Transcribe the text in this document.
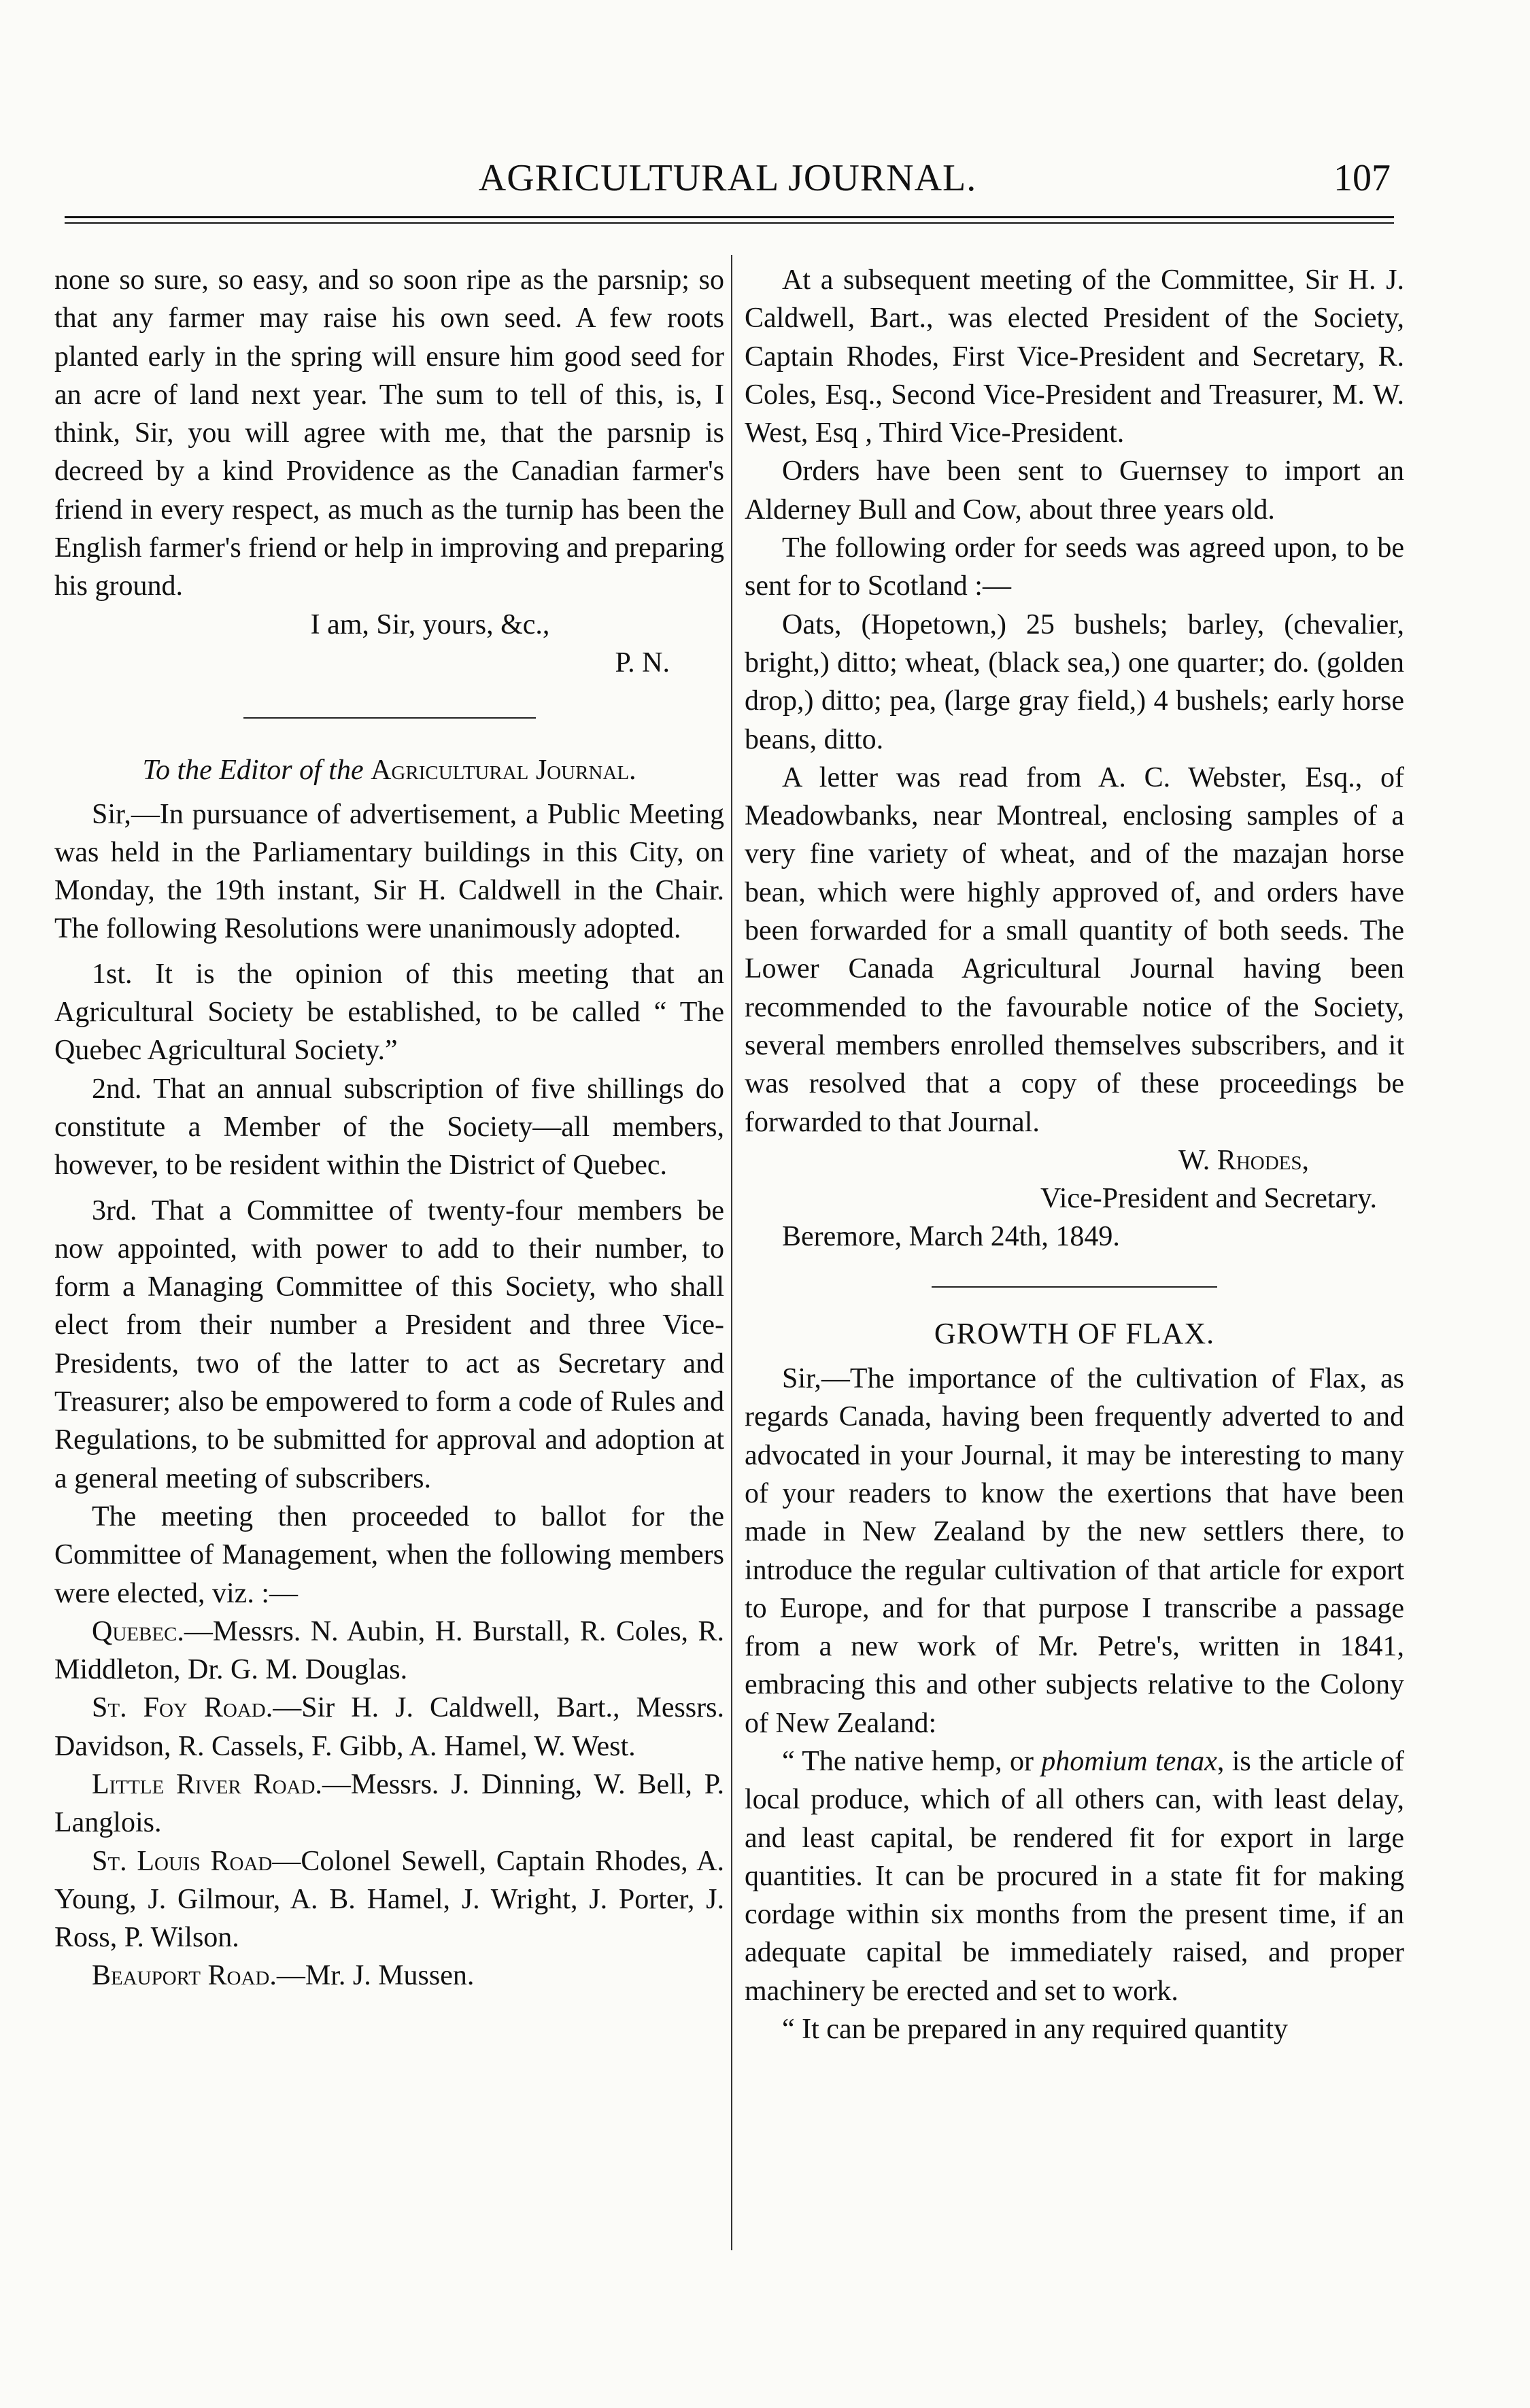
AGRICULTURAL JOURNAL.	107

none so sure, so easy, and so soon ripe as the parsnip; so that any farmer may raise his own seed. A few roots planted early in the spring will ensure him good seed for an acre of land next year. The sum to tell of this, is, I think, Sir, you will agree with me, that the parsnip is decreed by a kind Providence as the Canadian farmer's friend in every respect, as much as the turnip has been the English farmer's friend or help in improving and preparing his ground.

I am, Sir, yours, &c.,

P. N.

To the Editor of the Agricultural Journal.

Sir,—In pursuance of advertisement, a Public Meeting was held in the Parliamentary buildings in this City, on Monday, the 19th instant, Sir H. Caldwell in the Chair. The following Resolutions were unanimously adopted.

1st. It is the opinion of this meeting that an Agricultural Society be established, to be called “ The Quebec Agricultural Society.”

2nd. That an annual subscription of five shillings do constitute a Member of the Society—all members, however, to be resident within the District of Quebec.

3rd. That a Committee of twenty-four members be now appointed, with power to add to their number, to form a Managing Committee of this Society, who shall elect from their number a President and three Vice-Presidents, two of the latter to act as Secretary and Treasurer; also be empowered to form a code of Rules and Regulations, to be submitted for approval and adoption at a general meeting of subscribers.

The meeting then proceeded to ballot for the Committee of Management, when the following members were elected, viz. :—

Quebec.—Messrs. N. Aubin, H. Burstall, R. Coles, R. Middleton, Dr. G. M. Douglas.

St. Foy Road.—Sir H. J. Caldwell, Bart., Messrs. Davidson, R. Cassels, F. Gibb, A. Hamel, W. West.

Little River Road.—Messrs. J. Dinning, W. Bell, P. Langlois.

St. Louis Road—Colonel Sewell, Captain Rhodes, A. Young, J. Gilmour, A. B. Hamel, J. Wright, J. Porter, J. Ross, P. Wilson.

Beauport Road.—Mr. J. Mussen.

At a subsequent meeting of the Committee, Sir H. J. Caldwell, Bart., was elected President of the Society, Captain Rhodes, First Vice-President and Secretary, R. Coles, Esq., Second Vice-President and Treasurer, M. W. West, Esq , Third Vice-President.

Orders have been sent to Guernsey to import an Alderney Bull and Cow, about three years old.

The following order for seeds was agreed upon, to be sent for to Scotland :—

Oats, (Hopetown,) 25 bushels; barley, (chevalier, bright,) ditto; wheat, (black sea,) one quarter; do. (golden drop,) ditto; pea, (large gray field,) 4 bushels; early horse beans, ditto.

A letter was read from A. C. Webster, Esq., of Meadowbanks, near Montreal, enclosing samples of a very fine variety of wheat, and of the mazajan horse bean, which were highly approved of, and orders have been forwarded for a small quantity of both seeds. The Lower Canada Agricultural Journal having been recommended to the favourable notice of the Society, several members enrolled themselves subscribers, and it was resolved that a copy of these proceedings be forwarded to that Journal.

W. Rhodes,

Vice-President and Secretary.

Beremore, March 24th, 1849.

GROWTH OF FLAX.

Sir,—The importance of the cultivation of Flax, as regards Canada, having been frequently adverted to and advocated in your Journal, it may be interesting to many of your readers to know the exertions that have been made in New Zealand by the new settlers there, to introduce the regular cultivation of that article for export to Europe, and for that purpose I transcribe a passage from a new work of Mr. Petre's, written in 1841, embracing this and other subjects relative to the Colony of New Zealand:

“ The native hemp, or phomium tenax, is the article of local produce, which of all others can, with least delay, and least capital, be rendered fit for export in large quantities. It can be procured in a state fit for making cordage within six months from the present time, if an adequate capital be immediately raised, and proper machinery be erected and set to work.

“ It can be prepared in any required quantity
